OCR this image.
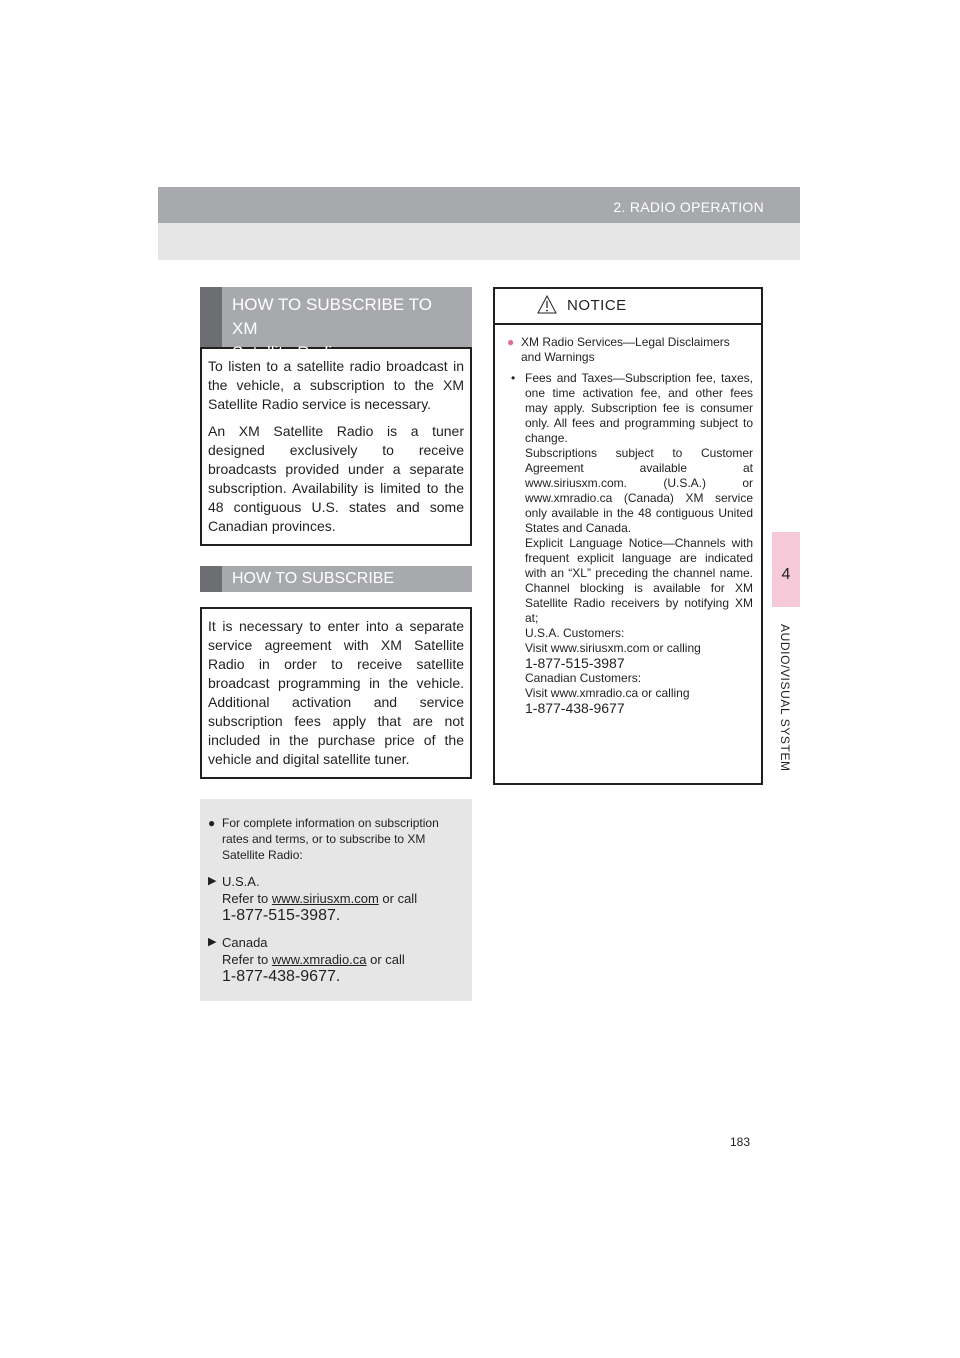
2. RADIO OPERATION
4
AUDIO/VISUAL SYSTEM
HOW TO SUBSCRIBE TO XM
Satellite Radio

To listen to a satellite radio broadcast in the vehicle, a subscription to the XM Satellite Radio service is necessary.

An XM Satellite Radio is a tuner designed exclusively to receive broadcasts provided under a separate subscription. Availability is limited to the 48 contiguous U.S. states and some Canadian provinces.

HOW TO SUBSCRIBE

It is necessary to enter into a separate service agreement with XM Satellite Radio in order to receive satellite broadcast programming in the vehicle. Additional activation and service subscription fees apply that are not included in the purchase price of the vehicle and digital satellite tuner.

● For complete information on subscription rates and terms, or to subscribe to XM Satellite Radio:
▶ U.S.A.
Refer to www.siriusxm.com or call
1-877-515-3987.
▶ Canada
Refer to www.xmradio.ca or call
1-877-438-9677.
NOTICE
● XM Radio Services—Legal Disclaimers and Warnings
• Fees and Taxes—Subscription fee, taxes, one time activation fee, and other fees may apply. Subscription fee is consumer only. All fees and programming subject to change.
Subscriptions subject to Customer Agreement available at www.siriusxm.com. (U.S.A.) or www.xmradio.ca (Canada) XM service only available in the 48 contiguous United States and Canada.
Explicit Language Notice—Channels with frequent explicit language are indicated with an “XL” preceding the channel name. Channel blocking is available for XM Satellite Radio receivers by notifying XM at;
U.S.A. Customers:
Visit www.siriusxm.com or calling
1-877-515-3987
Canadian Customers:
Visit www.xmradio.ca or calling
1-877-438-9677
183
